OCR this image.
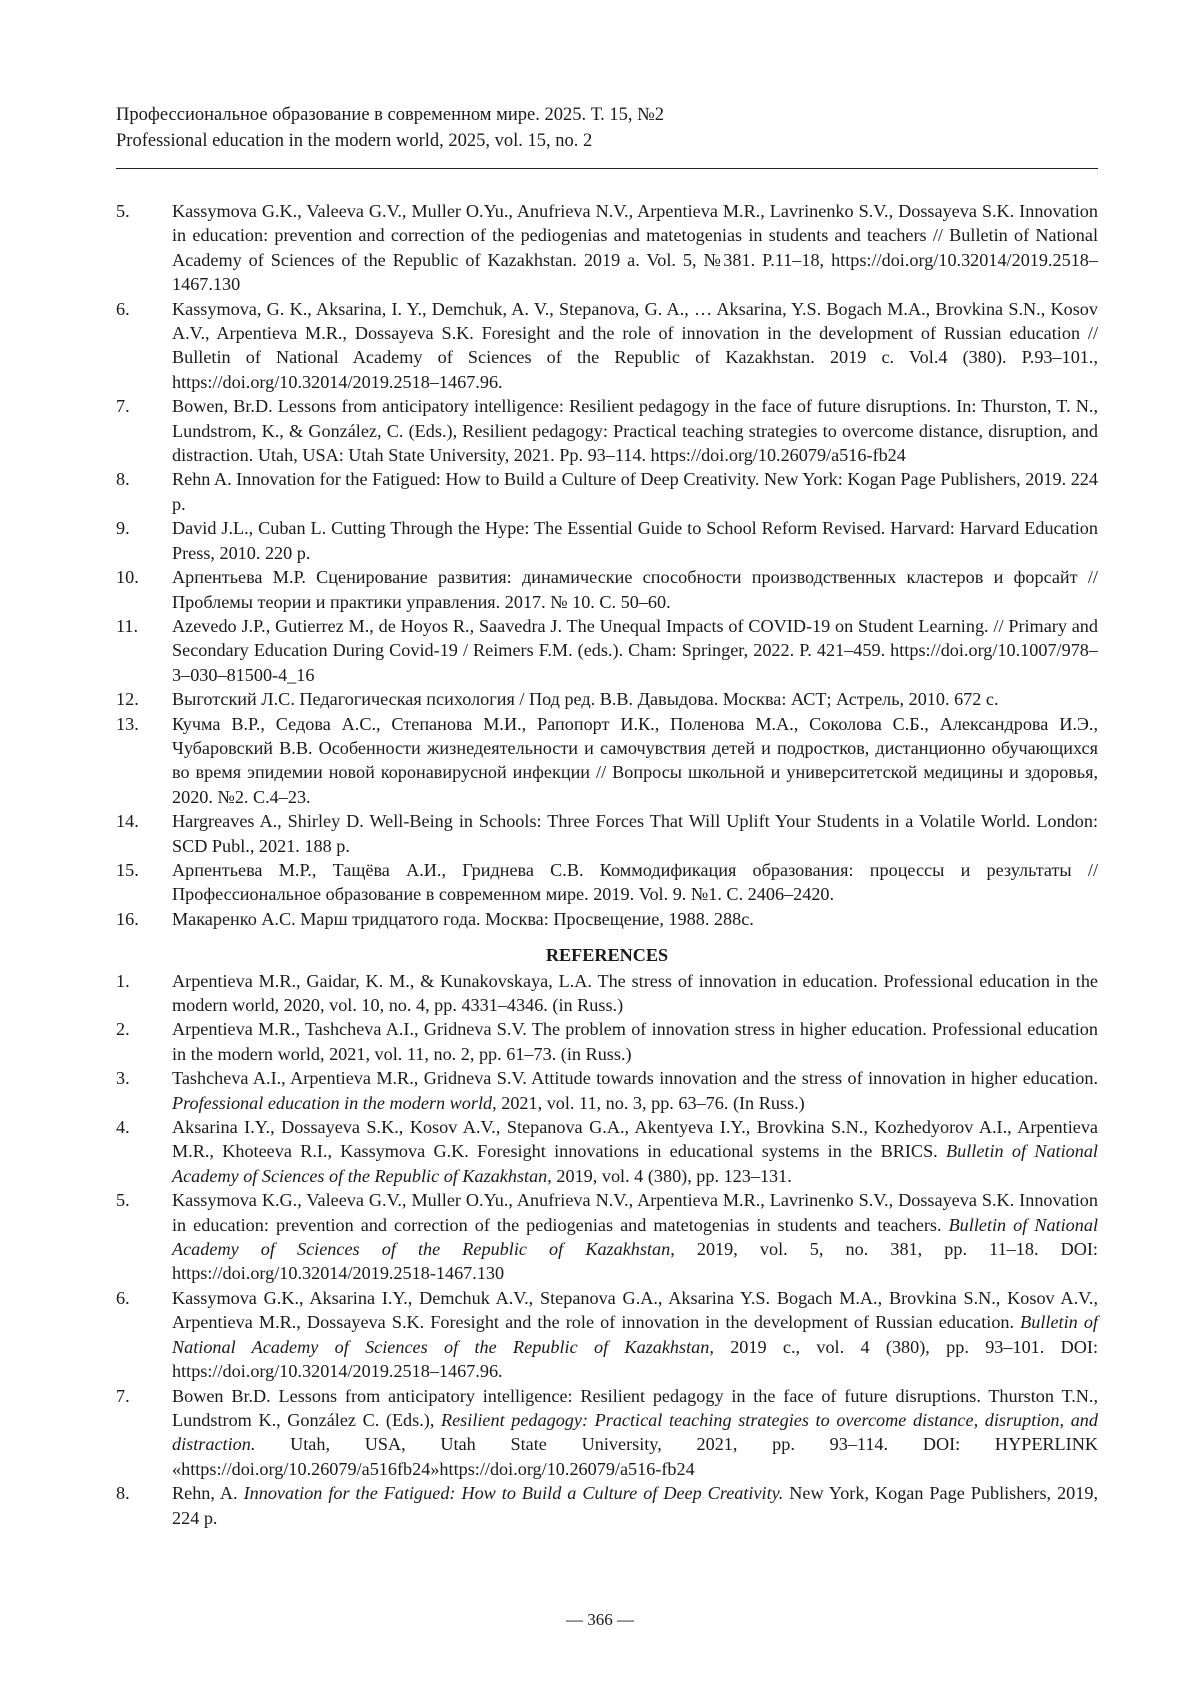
Профессиональное образование в современном мире. 2025. Т. 15, №2
Professional education in the modern world, 2025, vol. 15, no. 2
5.	Kassymova G.K., Valeeva G.V., Muller O.Yu., Anufrieva N.V., Arpentieva M.R., Lavrinenko S.V., Dossayeva S.K. Innovation in education: prevention and correction of the pediogenias and matetogenias in students and teachers // Bulletin of National Academy of Sciences of the Republic of Kazakhstan. 2019 a. Vol. 5, №381. P.11–18, https://doi.org/10.32014/2019.2518–1467.130
6.	Kassymova, G. K., Aksarina, I. Y., Demchuk, A. V., Stepanova, G. A., … Aksarina, Y.S. Bogach M.A., Brovkina S.N., Kosov A.V., Arpentieva M.R., Dossayeva S.K. Foresight and the role of innovation in the development of Russian education // Bulletin of National Academy of Sciences of the Republic of Kazakhstan. 2019 c. Vol.4 (380). P.93–101., https://doi.org/10.32014/2019.2518–1467.96.
7.	Bowen, Br.D. Lessons from anticipatory intelligence: Resilient pedagogy in the face of future disruptions. In: Thurston, T. N., Lundstrom, K., & González, C. (Eds.), Resilient pedagogy: Practical teaching strategies to overcome distance, disruption, and distraction. Utah, USA: Utah State University, 2021. Pp. 93–114. https://doi.org/10.26079/a516-fb24
8.	Rehn A. Innovation for the Fatigued: How to Build a Culture of Deep Creativity. New York: Kogan Page Publishers, 2019. 224 p.
9.	David J.L., Cuban L. Cutting Through the Hype: The Essential Guide to School Reform Revised. Harvard: Harvard Education Press, 2010. 220 p.
10.	Арпентьева М.Р. Сценирование развития: динамические способности производственных кластеров и форсайт // Проблемы теории и практики управления. 2017. № 10. С. 50–60.
11.	Azevedo J.P., Gutierrez M., de Hoyos R., Saavedra J. The Unequal Impacts of COVID-19 on Student Learning. // Primary and Secondary Education During Covid-19 / Reimers F.M. (eds.). Cham: Springer, 2022. P. 421–459. https://doi.org/10.1007/978–3–030–81500-4_16
12.	Выготский Л.С. Педагогическая психология / Под ред. В.В. Давыдова. Москва: АСТ; Астрель, 2010. 672 с.
13.	Кучма В.Р., Седова А.С., Степанова М.И., Рапопорт И.К., Поленова М.А., Соколова С.Б., Александрова И.Э., Чубаровский В.В. Особенности жизнедеятельности и самочувствия детей и подростков, дистанционно обучающихся во время эпидемии новой коронавирусной инфекции // Вопросы школьной и университетской медицины и здоровья, 2020. №2. С.4–23.
14.	Hargreaves A., Shirley D. Well-Being in Schools: Three Forces That Will Uplift Your Students in a Volatile World. London: SCD Publ., 2021. 188 p.
15.	Арпентьева М.Р., Тащёва А.И., Гриднева С.В. Коммодификация образования: процессы и результаты // Профессиональное образование в современном мире. 2019. Vol. 9. №1. С. 2406–2420.
16.	Макаренко А.С. Марш тридцатого года. Москва: Просвещение, 1988. 288с.
REFERENCES
1.	Arpentieva M.R., Gaidar, K. M., & Kunakovskaya, L.A. The stress of innovation in education. Professional education in the modern world, 2020, vol. 10, no. 4, pp. 4331–4346. (in Russ.)
2.	Arpentieva M.R., Tashcheva A.I., Gridneva S.V. The problem of innovation stress in higher education. Professional education in the modern world, 2021, vol. 11, no. 2, pp. 61–73. (in Russ.)
3.	Tashcheva A.I., Arpentieva M.R., Gridneva S.V. Attitude towards innovation and the stress of innovation in higher education. Professional education in the modern world, 2021, vol. 11, no. 3, pp. 63–76. (In Russ.)
4.	Aksarina I.Y., Dossayeva S.K., Kosov A.V., Stepanova G.A., Akentyeva I.Y., Brovkina S.N., Kozhedyorov A.I., Arpentieva M.R., Khoteeva R.I., Kassymova G.K. Foresight innovations in educational systems in the BRICS. Bulletin of National Academy of Sciences of the Republic of Kazakhstan, 2019, vol. 4 (380), pp. 123–131.
5.	Kassymova K.G., Valeeva G.V., Muller O.Yu., Anufrieva N.V., Arpentieva M.R., Lavrinenko S.V., Dossayeva S.K. Innovation in education: prevention and correction of the pediogenias and matetogenias in students and teachers. Bulletin of National Academy of Sciences of the Republic of Kazakhstan, 2019, vol. 5, no. 381, pp. 11–18. DOI: https://doi.org/10.32014/2019.2518-1467.130
6.	Kassymova G.K., Aksarina I.Y., Demchuk A.V., Stepanova G.A., Aksarina Y.S. Bogach M.A., Brovkina S.N., Kosov A.V., Arpentieva M.R., Dossayeva S.K. Foresight and the role of innovation in the development of Russian education. Bulletin of National Academy of Sciences of the Republic of Kazakhstan, 2019 c., vol. 4 (380), pp. 93–101. DOI: https://doi.org/10.32014/2019.2518–1467.96.
7.	Bowen Br.D. Lessons from anticipatory intelligence: Resilient pedagogy in the face of future disruptions. Thurston T.N., Lundstrom K., González C. (Eds.), Resilient pedagogy: Practical teaching strategies to overcome distance, disruption, and distraction. Utah, USA, Utah State University, 2021, pp. 93–114. DOI: HYPERLINK «https://doi.org/10.26079/a516fb24»https://doi.org/10.26079/a516-fb24
8.	Rehn, A. Innovation for the Fatigued: How to Build a Culture of Deep Creativity. New York, Kogan Page Publishers, 2019, 224 p.
— 366 —
